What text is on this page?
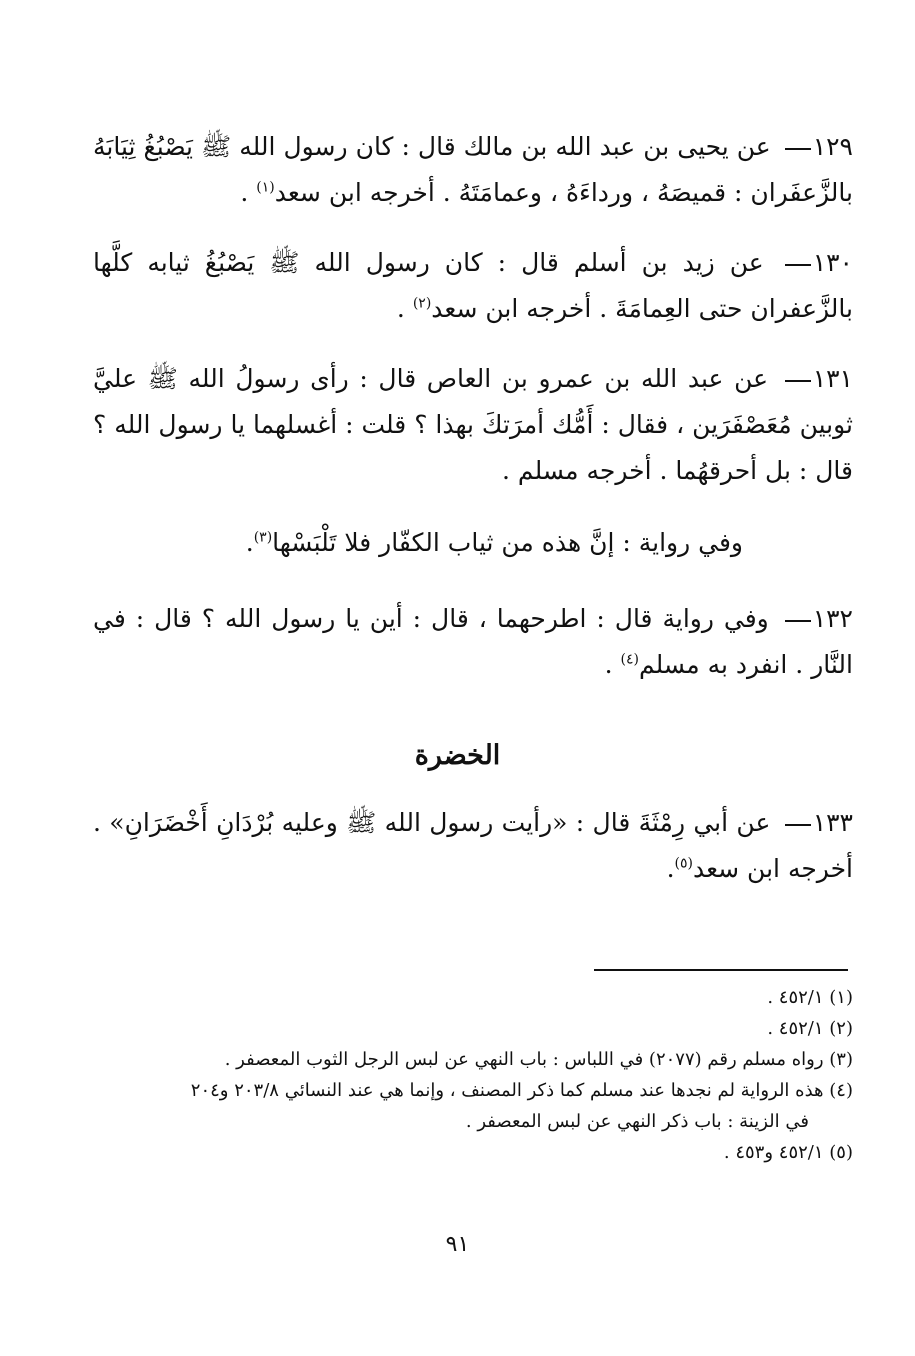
١٢٩ عن يحيى بن عبد الله بن مالك قال : كان رسول الله ﷺ يَصْبُغُ ثِيَابَهُ بالزَّعفَران : قميصَهُ ، ورداءَهُ ، وعمامَتَهُ . أخرجه ابن سعد$^{(١)}$ .
١٣٠ عن زيد بن أسلم قال : كان رسول الله ﷺ يَصْبُغُ ثيابه كلَّها بالزَّعفران حتى العِمامَةَ . أخرجه ابن سعد$^{(٢)}$ .
١٣١ عن عبد الله بن عمرو بن العاص قال : رأى رسولُ الله ﷺ عليَّ ثوبين مُعَصْفَرَين ، فقال : أَمُّك أمرَتكَ بهذا ؟ قلت : أغسلهما يا رسول الله ؟ قال : بل أحرقهُما . أخرجه مسلم .
وفي رواية : إنَّ هذه من ثياب الكفّار فلا تَلْبَسْها$^{(٣)}$.
١٣٢ وفي رواية قال : اطرحهما ، قال : أين يا رسول الله ؟ قال : في النَّار . انفرد به مسلم$^{(٤)}$ .
الخضرة
١٣٣ عن أبي رِمْثَةَ قال : «رأيت رسول الله ﷺ وعليه بُرْدَانِ أَخْضَرَانِ» . أخرجه ابن سعد$^{(٥)}$.
(١) ٤٥٢/١ .
(٢) ٤٥٢/١ .
(٣) رواه مسلم رقم (٢٠٧٧) في اللباس : باب النهي عن لبس الرجل الثوب المعصفر .
(٤) هذه الرواية لم نجدها عند مسلم كما ذكر المصنف ، وإنما هي عند النسائي ٢٠٣/٨ و٢٠٤
في الزينة : باب ذكر النهي عن لبس المعصفر .
(٥) ٤٥٢/١ و٤٥٣ .
٩١
